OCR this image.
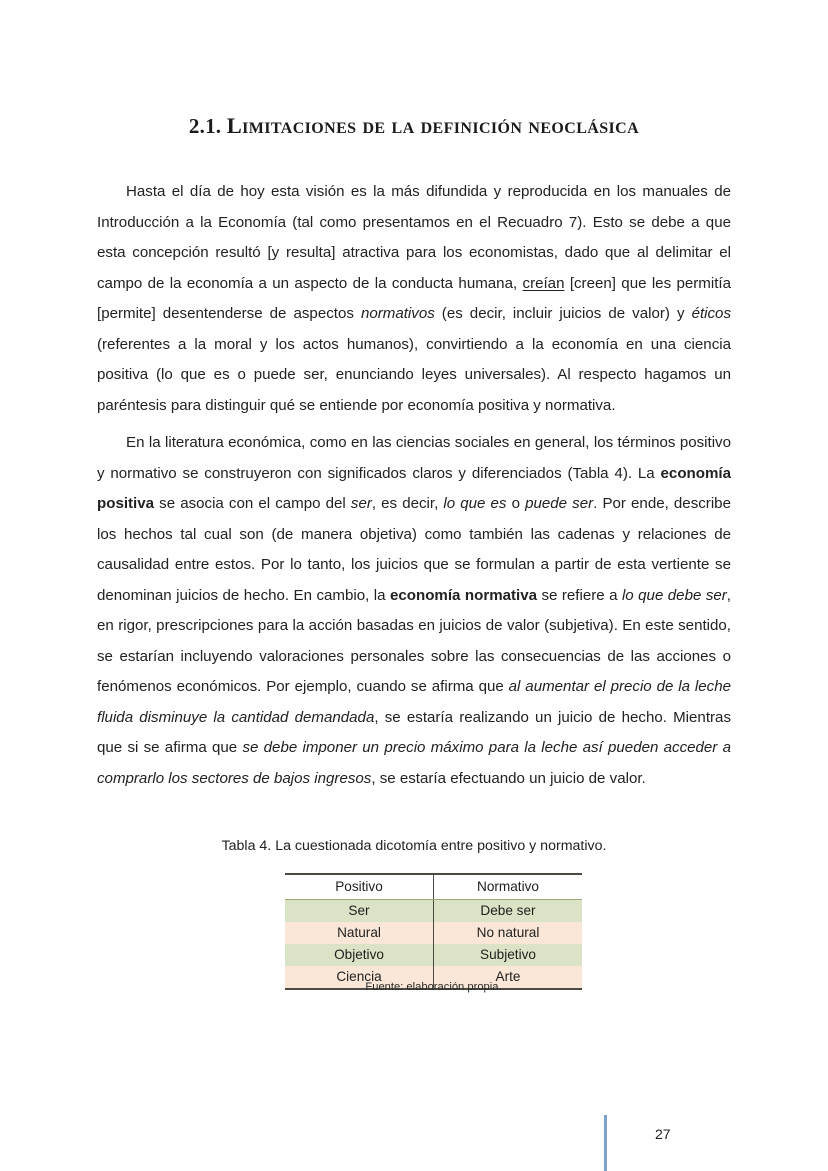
2.1. Limitaciones de la definición neoclásica

Hasta el día de hoy esta visión es la más difundida y reproducida en los manuales de Introducción a la Economía (tal como presentamos en el Recuadro 7). Esto se debe a que esta concepción resultó [y resulta] atractiva para los economistas, dado que al delimitar el campo de la economía a un aspecto de la conducta humana, creían [creen] que les permitía [permite] desentenderse de aspectos normativos (es decir, incluir juicios de valor) y éticos (referentes a la moral y los actos humanos), convirtiendo a la economía en una ciencia positiva (lo que es o puede ser, enunciando leyes universales). Al respecto hagamos un paréntesis para distinguir qué se entiende por economía positiva y normativa.

En la literatura económica, como en las ciencias sociales en general, los términos positivo y normativo se construyeron con significados claros y diferenciados (Tabla 4). La economía positiva se asocia con el campo del ser, es decir, lo que es o puede ser. Por ende, describe los hechos tal cual son (de manera objetiva) como también las cadenas y relaciones de causalidad entre estos. Por lo tanto, los juicios que se formulan a partir de esta vertiente se denominan juicios de hecho. En cambio, la economía normativa se refiere a lo que debe ser, en rigor, prescripciones para la acción basadas en juicios de valor (subjetiva). En este sentido, se estarían incluyendo valoraciones personales sobre las consecuencias de las acciones o fenómenos económicos. Por ejemplo, cuando se afirma que al aumentar el precio de la leche fluida disminuye la cantidad demandada, se estaría realizando un juicio de hecho. Mientras que si se afirma que se debe imponer un precio máximo para la leche así pueden acceder a comprarlo los sectores de bajos ingresos, se estaría efectuando un juicio de valor.

Tabla 4. La cuestionada dicotomía entre positivo y normativo.
Positivo	Normativo
Ser	Debe ser
Natural	No natural
Objetivo	Subjetivo
Ciencia	Arte
Fuente: elaboración propia.
27
